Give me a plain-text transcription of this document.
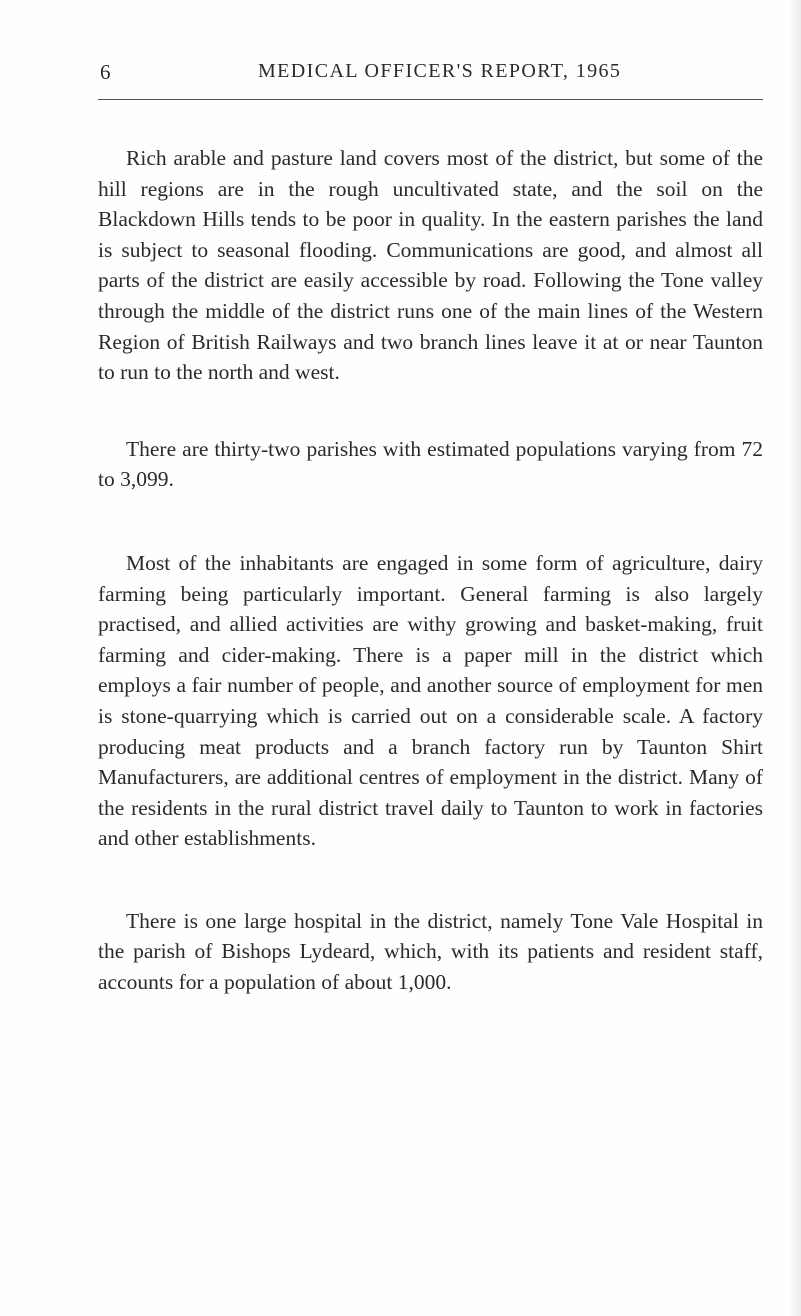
6	MEDICAL OFFICER'S REPORT, 1965

Rich arable and pasture land covers most of the district, but some of the hill regions are in the rough uncultivated state, and the soil on the Blackdown Hills tends to be poor in quality. In the eastern parishes the land is subject to seasonal flooding. Communications are good, and almost all parts of the district are easily accessible by road. Following the Tone valley through the middle of the district runs one of the main lines of the Western Region of British Railways and two branch lines leave it at or near Taunton to run to the north and west.

There are thirty-two parishes with estimated populations varying from 72 to 3,099.

Most of the inhabitants are engaged in some form of agriculture, dairy farming being particularly important. General farming is also largely practised, and allied activities are withy growing and basket-making, fruit farming and cider-making. There is a paper mill in the district which employs a fair number of people, and another source of employment for men is stone-quarrying which is carried out on a considerable scale. A factory producing meat products and a branch factory run by Taunton Shirt Manufacturers, are additional centres of employment in the district. Many of the residents in the rural district travel daily to Taunton to work in factories and other establishments.

There is one large hospital in the district, namely Tone Vale Hospital in the parish of Bishops Lydeard, which, with its patients and resident staff, accounts for a population of about 1,000.
